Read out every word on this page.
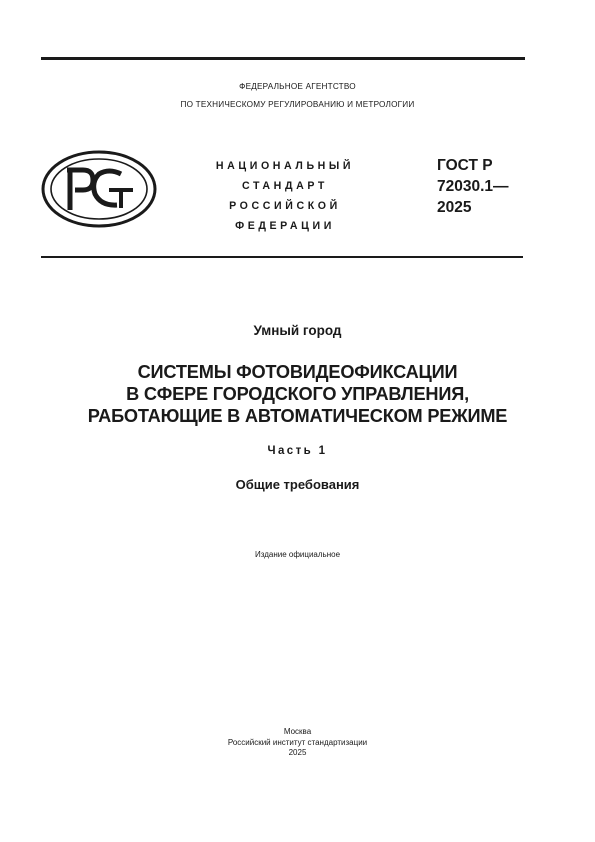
ФЕДЕРАЛЬНОЕ АГЕНТСТВО
ПО ТЕХНИЧЕСКОМУ РЕГУЛИРОВАНИЮ И МЕТРОЛОГИИ
НАЦИОНАЛЬНЫЙ
СТАНДАРТ
РОССИЙСКОЙ
ФЕДЕРАЦИИ
ГОСТ Р
72030.1—
2025
Умный город
СИСТЕМЫ ФОТОВИДЕОФИКСАЦИИ
В СФЕРЕ ГОРОДСКОГО УПРАВЛЕНИЯ,
РАБОТАЮЩИЕ В АВТОМАТИЧЕСКОМ РЕЖИМЕ
Часть 1
Общие требования
Издание официальное
Москва
Российский институт стандартизации
2025
